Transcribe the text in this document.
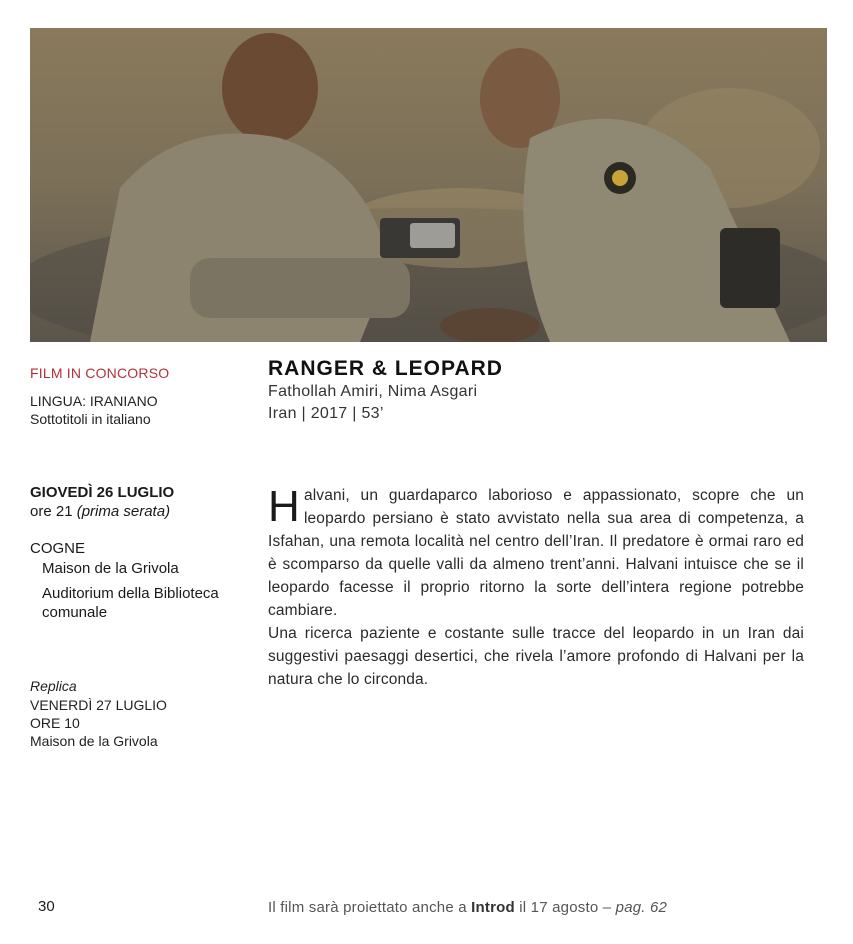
FILM IN CONCORSO
LINGUA: IRANIANO
Sottotitoli in italiano
GIOVEDÌ 26 LUGLIO
ore 21 (prima serata)
COGNE
Maison de la Grivola
Auditorium della Biblioteca comunale
Replica
VENERDÌ 27 LUGLIO
ORE 10
Maison de la Grivola
RANGER & LEOPARD
Fathollah Amiri, Nima Asgari
Iran | 2017 | 53’
Halvani, un guardaparco laborioso e appassionato, scopre che un leopardo persiano è stato avvistato nella sua area di competenza, a Isfahan, una remota località nel centro dell’Iran. Il predatore è ormai raro ed è scomparso da quelle valli da almeno trent’anni. Halvani intuisce che se il leopardo facesse il proprio ritorno la sorte dell’intera regione potrebbe cambiare.
Una ricerca paziente e costante sulle tracce del leopardo in un Iran dai suggestivi paesaggi desertici, che rivela l’amore profondo di Halvani per la natura che lo circonda.
30	Il film sarà proiettato anche a Introd il 17 agosto – pag. 62
